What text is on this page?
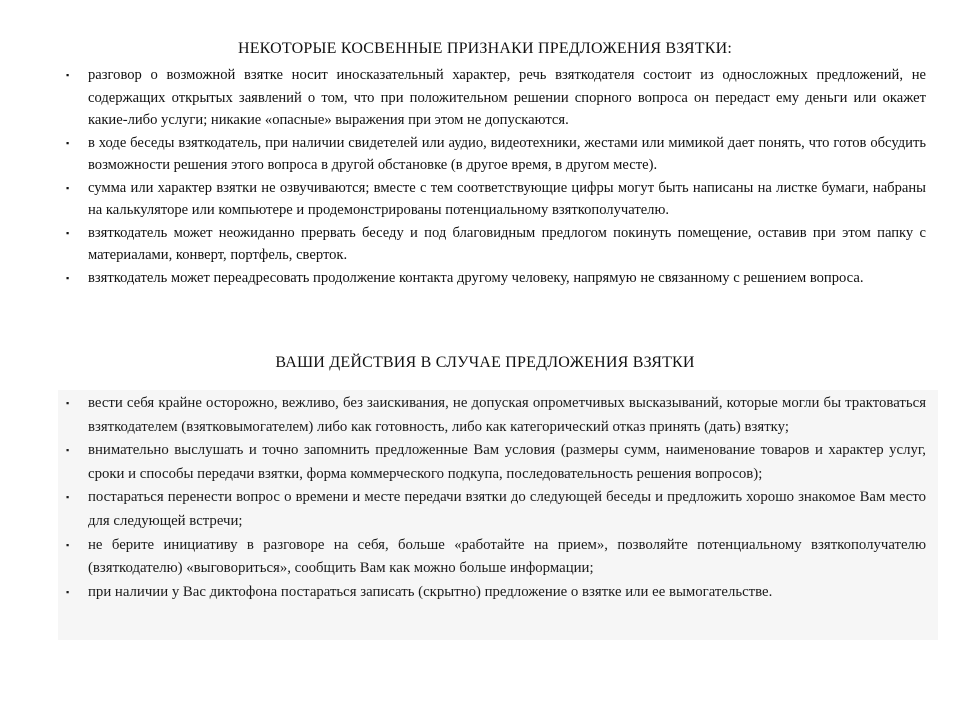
НЕКОТОРЫЕ КОСВЕННЫЕ ПРИЗНАКИ ПРЕДЛОЖЕНИЯ ВЗЯТКИ:
▪ разговор о возможной взятке носит иносказательный характер, речь взяткодателя состоит из односложных предложений, не содержащих открытых заявлений о том, что при положительном решении спорного вопроса он передаст ему деньги или окажет какие-либо услуги; никакие «опасные» выражения при этом не допускаются.
▪ в ходе беседы взяткодатель, при наличии свидетелей или аудио, видеотехники, жестами или мимикой дает понять, что готов обсудить возможности решения этого вопроса в другой обстановке (в другое время, в другом месте).
▪ сумма или характер взятки не озвучиваются; вместе с тем соответствующие цифры могут быть написаны на листке бумаги, набраны на калькуляторе или компьютере и продемонстрированы потенциальному взяткополучателю.
▪ взяткодатель может неожиданно прервать беседу и под благовидным предлогом покинуть помещение, оставив при этом папку с материалами, конверт, портфель, сверток.
▪ взяткодатель может переадресовать продолжение контакта другому человеку, напрямую не связанному с решением вопроса.
ВАШИ ДЕЙСТВИЯ В СЛУЧАЕ ПРЕДЛОЖЕНИЯ ВЗЯТКИ
▪ вести себя крайне осторожно, вежливо, без заискивания, не допуская опрометчивых высказываний, которые могли бы трактоваться взяткодателем (взятковымогателем) либо как готовность, либо как категорический отказ принять (дать) взятку;
▪ внимательно выслушать и точно запомнить предложенные Вам условия (размеры сумм, наименование товаров и характер услуг, сроки и способы передачи взятки, форма коммерческого подкупа, последовательность решения вопросов);
▪ постараться перенести вопрос о времени и месте передачи взятки до следующей беседы и предложить хорошо знакомое Вам место для следующей встречи;
▪ не берите инициативу в разговоре на себя, больше «работайте на прием», позволяйте потенциальному взяткополучателю (взяткодателю) «выговориться», сообщить Вам как можно больше информации;
▪ при наличии у Вас диктофона постараться записать (скрытно) предложение о взятке или ее вымогательстве.
